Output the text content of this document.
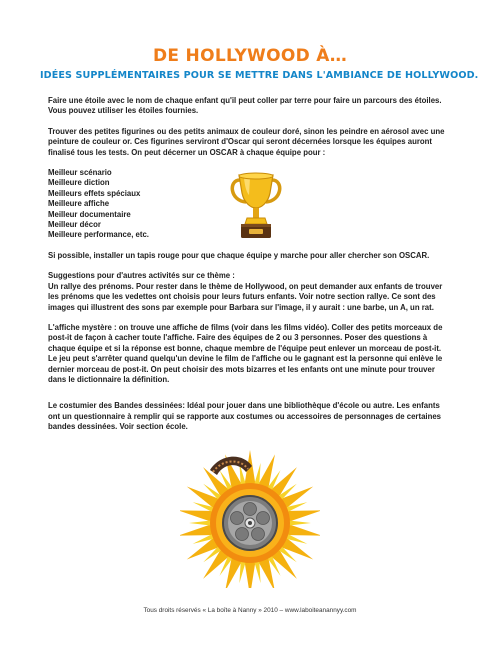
DE HOLLYWOOD À…
IDÉES SUPPLÉMENTAIRES POUR SE METTRE DANS L'AMBIANCE DE HOLLYWOOD.

Faire une étoile avec le nom de chaque enfant qu'il peut coller par terre pour faire un parcours des étoiles. Vous pouvez utiliser les étoiles fournies.

Trouver des petites figurines ou des petits animaux de couleur doré, sinon les peindre en aérosol avec une peinture de couleur or. Ces figurines serviront d'Oscar qui seront décernées lorsque les équipes auront finalisé tous les tests. On peut décerner un OSCAR à chaque équipe pour :

Meilleur scénario
Meilleure diction
Meilleurs effets spéciaux
Meilleure affiche
Meilleur documentaire
Meilleur décor
Meilleure performance, etc.

Si possible, installer un tapis rouge pour que chaque équipe y marche pour aller chercher son OSCAR.

Suggestions pour d'autres activités sur ce thème :
Un rallye des prénoms. Pour rester dans le thème de Hollywood, on peut demander aux enfants de trouver les prénoms que les vedettes ont choisis pour leurs futurs enfants. Voir notre section rallye. Ce sont des images qui illustrent des sons par exemple pour Barbara sur l'image, il y aurait : une barbe, un A, un rat.

L'affiche mystère : on trouve une affiche de films (voir dans les films vidéo). Coller des petits morceaux de post-it de façon à cacher toute l'affiche. Faire des équipes de 2 ou 3 personnes. Poser des questions à chaque équipe et si la réponse est bonne, chaque membre de l'équipe peut enlever un morceau de post-it. Le jeu peut s'arrêter quand quelqu'un devine le film de l'affiche ou le gagnant est la personne qui enlève le dernier morceau de post-it. On peut choisir des mots bizarres et les enfants ont une minute pour trouver dans le dictionnaire la définition.

Le costumier des Bandes dessinées: Idéal pour jouer dans une bibliothèque d'école ou autre. Les enfants ont un questionnaire à remplir qui se rapporte aux costumes ou accessoires de personnages de certaines bandes dessinées. Voir section école.

Tous droits réservés « La boîte à Nanny » 2010 – www.laboiteanannyy.com
